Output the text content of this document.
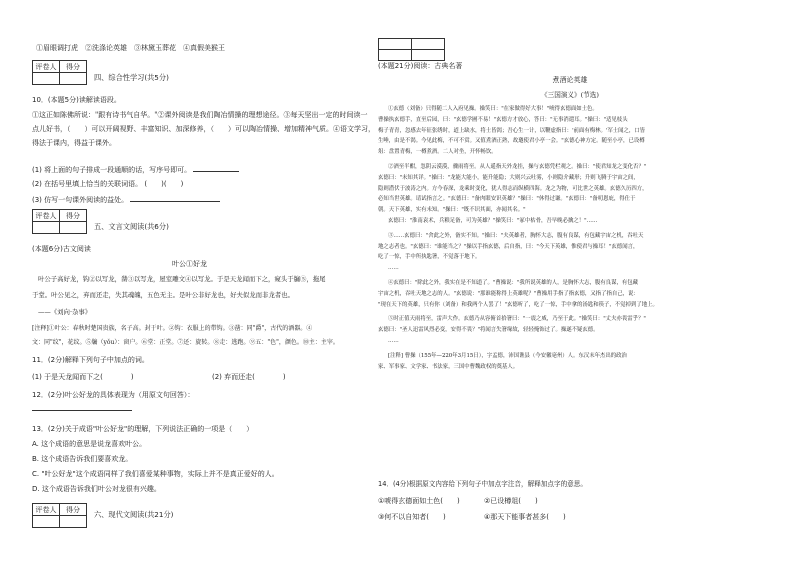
①眉眼调打虎　②洗涤论英雄　③林黛玉葬花　④真假美猴王
评卷人	得分

四、综合性学习(共5分)
10．(本题5分)读解读语段。
①这正如陈佛所说："跟有诗书气自华。"②课外阅读是我们陶冶情操的理想途径。③每天坚出一定的时间读一
点儿好书，（　　）可以开阔视野、丰富知识、加深修养，（　　）可以陶冶情操、增加精神气质。④语文学习，
得法于课内，得益于课外。
(1) 将上面的句子排成一段通顺的话，写序号即可。
(2) 在括号里填上恰当的关联词语。 (　　)(　　)
(3) 仿写一句课外阅读的益处。
评卷人	得分

五、文言文阅读(共6分)
(本题6分)古文阅读
叶公①好龙
叶公子高好龙，钩②以写龙，凿③以写龙，屋室雕文④以写龙。于是天龙闻而下之，窥头于牖⑤，拖尾
于堂。叶公见之，弃而还走，失其魂魄，五色无主。是叶公非好龙也，好夫似龙而非龙者也。
——《刘向·杂事》
[注释]①叶公：春秋时楚国贵族，名子高。封于叶。②钩：衣服上的带钩。③凿：同"爵"，古代的酒器。④
文：同"纹"，花纹。⑤牖（yǒu）：窗户。⑥堂：正堂。⑦还：旋转。⑧走：逃跑。⑨五："色"，颜色。⑩主：主宰。
11．(2分)解释下列句子中加点的词。
(1) 于是天龙闻而下之(　　　　)	(2) 弃而还走(　　　　)
12．(2分)叶公好龙的具体表现为（用原文句回答）：
13．(2分)关于成语"叶公好龙"的理解，下列说法正确的一项是（　　）
A. 这个成语的意思是说龙喜欢叶公。
B. 这个成语告诉我们要喜欢龙。
C. "叶公好龙"这个成语同样了我们喜爱某种事物，实际上并不是真正爱好的人。
D. 这个成语告诉我们叶公对龙很有兴趣。
评卷人	得分

六、现代文阅读(共21分)

(本题21分)阅读：古典名著
煮酒论英雄
《三国演义》(节选)
①玄德（刘备）只得随二人入府见操。操笑曰："在家做得好大事！"唬得玄德面如土色。
曹操执玄德手，直至后园，曰："玄德学圃不易！"玄德方才放心，答曰："无事消遣耳。"操曰："适见枝头
梅子青青，忽感去年征张绣时，道上缺水，将士皆渴；吾心生一计，以鞭虚指曰：'前面有梅林。'军士闻之，口皆
生唾，由是不渴。今见此梅，不可不赏。又值煮酒正熟，故邀使君小亭一会。"玄德心神方定。随至小亭，已设樽
俎：盘置青梅，一樽煮酒。二人对坐，开怀畅饮。
②酒至半酣，忽阴云漠漠，骤雨将至。从人遥指天外龙挂，操与玄德凭栏观之。操曰："使君知龙之变化否？"
玄德曰："未知其详。"操曰："龙能大能小，能升能隐；大则兴云吐雾，小则隐介藏形；升则飞腾于宇宙之间，
隐则潜伏于波涛之内。方今春深，龙乘时变化，犹人得志而纵横四海。龙之为物，可比世之英雄。玄德久历四方，
必知当世英雄。请试指言之。"玄德曰："备肉眼安识英雄？"操曰："休得过谦。"玄德曰："备叨恩庇，得仕于
朝。天下英雄，实有未知。"操曰："既不识其面，亦闻其名。"
玄德曰："淮南袁术，兵粮足备，可为英雄？"操笑曰："冢中枯骨，吾早晚必擒之！"……
③……玄德曰："舍此之外，备实不知。"操曰："夫英雄者，胸怀大志，腹有良谋，有包藏宇宙之机，吞吐天
地之志者也。"玄德曰："谁能当之？"操以手指玄德，后自指，曰："今天下英雄，惟使君与操耳！"玄德闻言，
吃了一惊，手中所执匙箸，不觉落于地下。
……
④玄德曰："除此之外，我实在是不知道了。"曹操说："我所说英雄的人，是胸怀大志，腹有良谋，有包藏
宇宙之机，吞吐天地之志的人。"玄德说："那谁能称得上英雄呢？"曹操用手指了指玄德，又指了指自己，说：
"现在天下的英雄，只有你（刘备）和我两个人罢了！"玄德听了，吃了一惊，手中拿的汤匙和筷子，不觉掉到了地上。
⑤时正值天雨将至，雷声大作。玄德乃从容俯首拾箸曰："一震之威，乃至于此。"操笑曰："丈夫亦畏雷乎？"
玄德曰："圣人迅雷风烈必变，安得不畏？"将闻言失箸缘故，轻轻掩饰过了。操遂不疑玄德。
……
[注释] 曹操（155年—220年3月15日），字孟德，沛国谯县（今安徽亳州）人。东汉末年杰出的政治
家、军事家、文学家、书法家，三国中曹魏政权的奠基人。
14．(4分)根据原文内容给下列句子中加点字注音，解释加点字的意思。
①唬得玄德面如土色(　　)	②已设樽俎(　　)
③何不以自知者(　　)	④那天下能事者甚多(　　)
